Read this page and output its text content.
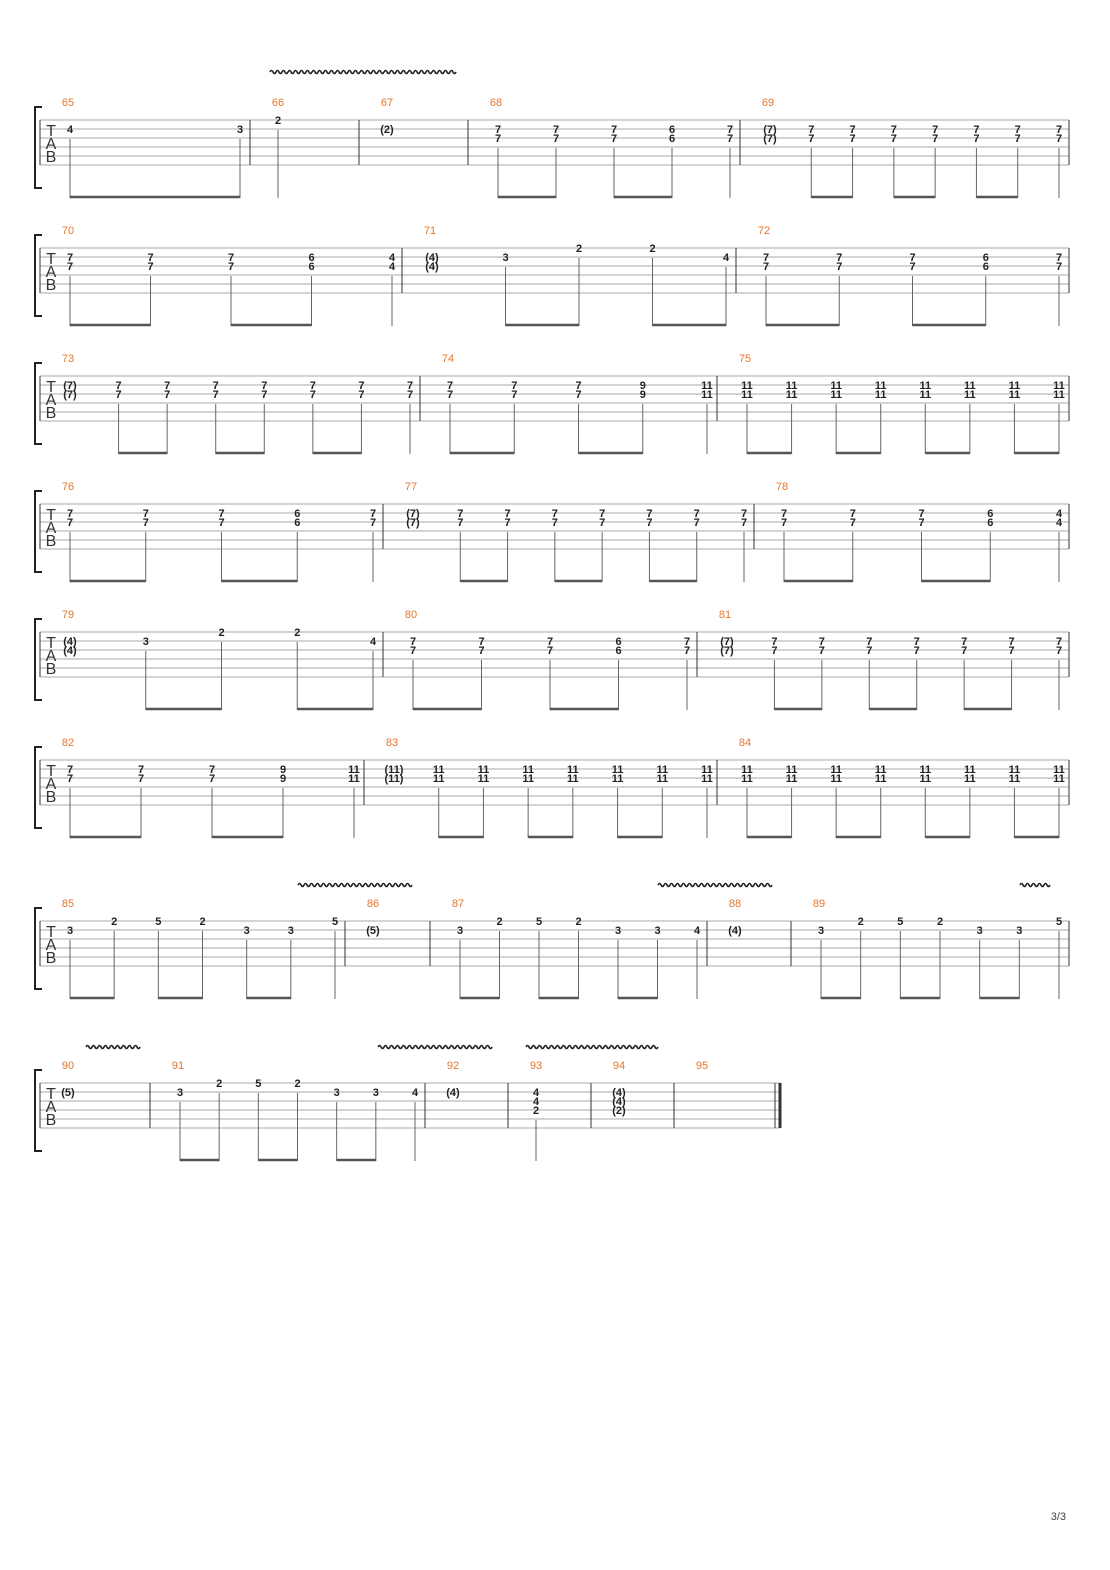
T
A
B
65
4	3
66
2
67
(2)
68
7
7
7
7
7
7
6
6
7
7
69
(7)
(7)
7
7
7
7
7
7
7
7
7
7
7
7
7
7
T
A
B
70
7
7
7
7
7
7
6
6
4
4
71
(4)
(4)
3
2	2
4
72
7
7
7
7
7
7
6
6
7
7
T
A
B
73
(7)
(7)
7
7
7
7
7
7
7
7
7
7
7
7
7
7
74
7
7
7
7
7
7
9
9
11
11
75
11
11
11
11
11
11
11
11
11
11
11
11
11
11
11
11
T
A
B
76
7
7
7
7
7
7
6
6
7
7
77
(7)
(7)
7
7
7
7
7
7
7
7
7
7
7
7
7
7
78
7
7
7
7
7
7
6
6
4
4
T
A
B
79
(4)
(4)
3
2	2
4
80
7
7
7
7
7
7
6
6
7
7
81
(7)
(7)
7
7
7
7
7
7
7
7
7
7
7
7
7
7
T
A
B
82
7
7
7
7
7
7
9
9
11
11
83
(11)
(11)
11
11
11
11
11
11
11
11
11
11
11
11
11
11
84
11
11
11
11
11
11
11
11
11
11
11
11
11
11
11
11
T
A
B
85
3
2	5	2
3	3
5
86
(5)
87
3
2	5	2
3	3	4
88
(4)
89
3
2	5	2
3	3
5
T
A
B
90
(5)
91
3
2	5	2
3	3	4
92
(4)
93
4
4
2
94
(4)
(4)
(2)
95
3/3
